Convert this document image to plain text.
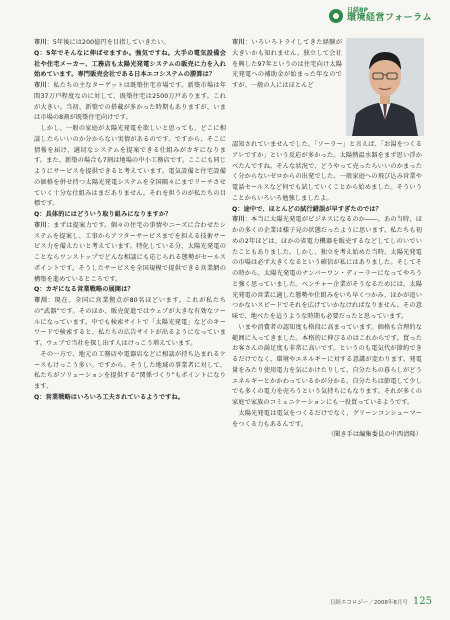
日経BP
環境経営フォーラム

市川：5年後には200億円を目指していきたい。

Q：5年でそんなに伸ばせますか。強気ですね。大手の電気設備会社や住宅メーカー、工務店も太陽光発電システムの販売に力を入れ始めています。専門販売会社である日本エコシステムの勝算は？

市川：私たちの主なターゲットは既築住宅市場です。新築市場は年間37万戸程度なのに対して、既築住宅は2500万戸あります。これが大きい。当初、新築での搭載が多かった時期もありますが、いまは市場の8割が既築住宅向けです。

　しかし、一般の家庭が太陽光発電を欲しいと思っても、どこに相談したらいいのか分からない実情があるのです。ですから、そこに情報を届け、適切なシステムを提案できる仕組みがカギになります。また、新築の場合も7割は地場の中小工務店です。ここにも同じようにサービスを提供できると考えています。電気設備と住宅設備の価格を併せ持つ太陽光発電システムを全国隅々にまでリーチさせていく十分な仕組みはまだありません。それを担うのが私たちの目標です。

Q：具体的にはどういう取り組みになりますか？

市川：まずは提案力です。個々の住宅の事情やニーズに合わせたシステムを提案し、工事からアフターサービスまでを担える技術サービス力を備えたいと考えています。特化している分、太陽光発電のことならワンストップでどんな相談にも応じられる態勢がセールスポイントです。そうしたサービスを全国規模で提供できる営業網の構築を進めているところです。

Q：カギになる営業戦略の展開は？

市川：現在、全国に営業拠点が80名ほどいます。これが私たちの“武器”です。そのほか、販売促進ではウェブが大きな有効なツールになっています。中でも検索サイトで「太陽光発電」などのキーワードで検索すると、私たちの広告サイトが出るようになっています。ウェブで当社を探し出す人はけっこう増えています。

　その一方で、地元の工務店や電器店などに相談が持ち込まれるケースもけっこう多い。ですから、そうした地域の事業者に対して、私たちがソリューションを提供する“関係づくり”もポイントになります。

Q：営業戦略はいろいろ工夫されているようですね。

市川：いろいろトライしてきた経験が大きいかも知れません。独立して会社を興した97年というのは住宅向け太陽光発電への補助金が始まった年なのですが、一般の人にはほとんど

認知されていませんでした。「ソーラー」と言えば、「お湯をつくるアレですか」という反応が多かった。太陽熱温水器をまず思い浮かべたんですね。そんな状況で、どうやって売ったらいいのかまったく分からないゼロからの出発でした。一般家庭への飛び込み営業や電話セールスなど何でも試していくことから始めました。そういうことからいろいろ勉強しましたよ。

Q：途中で、ほとんどの試行錯誤が早すぎたのでは？

市川：本当に太陽光発電がビジネスになるのか――。あの当時、ほかの多くの企業は様子見の状態だったように思います。私たちも初めの2年ほどは、ほかの省電力機器を販売するなどしてしのいでいたこともありました。しかし、独立を考え始めた当時、太陽光発電の市場は必ず大きくなるという確信が私にはありました。そしてその時から、太陽光発電のナンバーワン・ディーラーになってやろうと強く思っていました。ベンチャー企業がそうなるためには、太陽光発電の営業に適した態勢や仕組みをいち早くつかみ、ほかが追いつかないスピードでそれを広げていかなければなりません。その意味で、地べたを這うような時期も必要だったと思っています。

　いまや消費者の認知度も格段に高まっています。価格も合理的な範囲に入ってきました。本格的に伸びるのはこれからです。買ったお客さんの満足度も非常に高いです。というのも電気代が節約できるだけでなく、環境やエネルギーに対する意識が変わります。発電量をみたり使用電力を気にかけたりして、自分たちの暮らしがどうエネルギーとかかわっているかが分かる。自分たちは節電して少しでも多くの電力を売ろうという気持ちにもなります。それが多くの家庭で家族のコミュニケーションにも一役買っているようです。

　太陽光発電は電気をつくるだけでなく、グリーンコンシューマーをつくる力もあるんです。

（聞き手は編集委員の中西清隆）

日経エコロジー／2008年8月号 125
